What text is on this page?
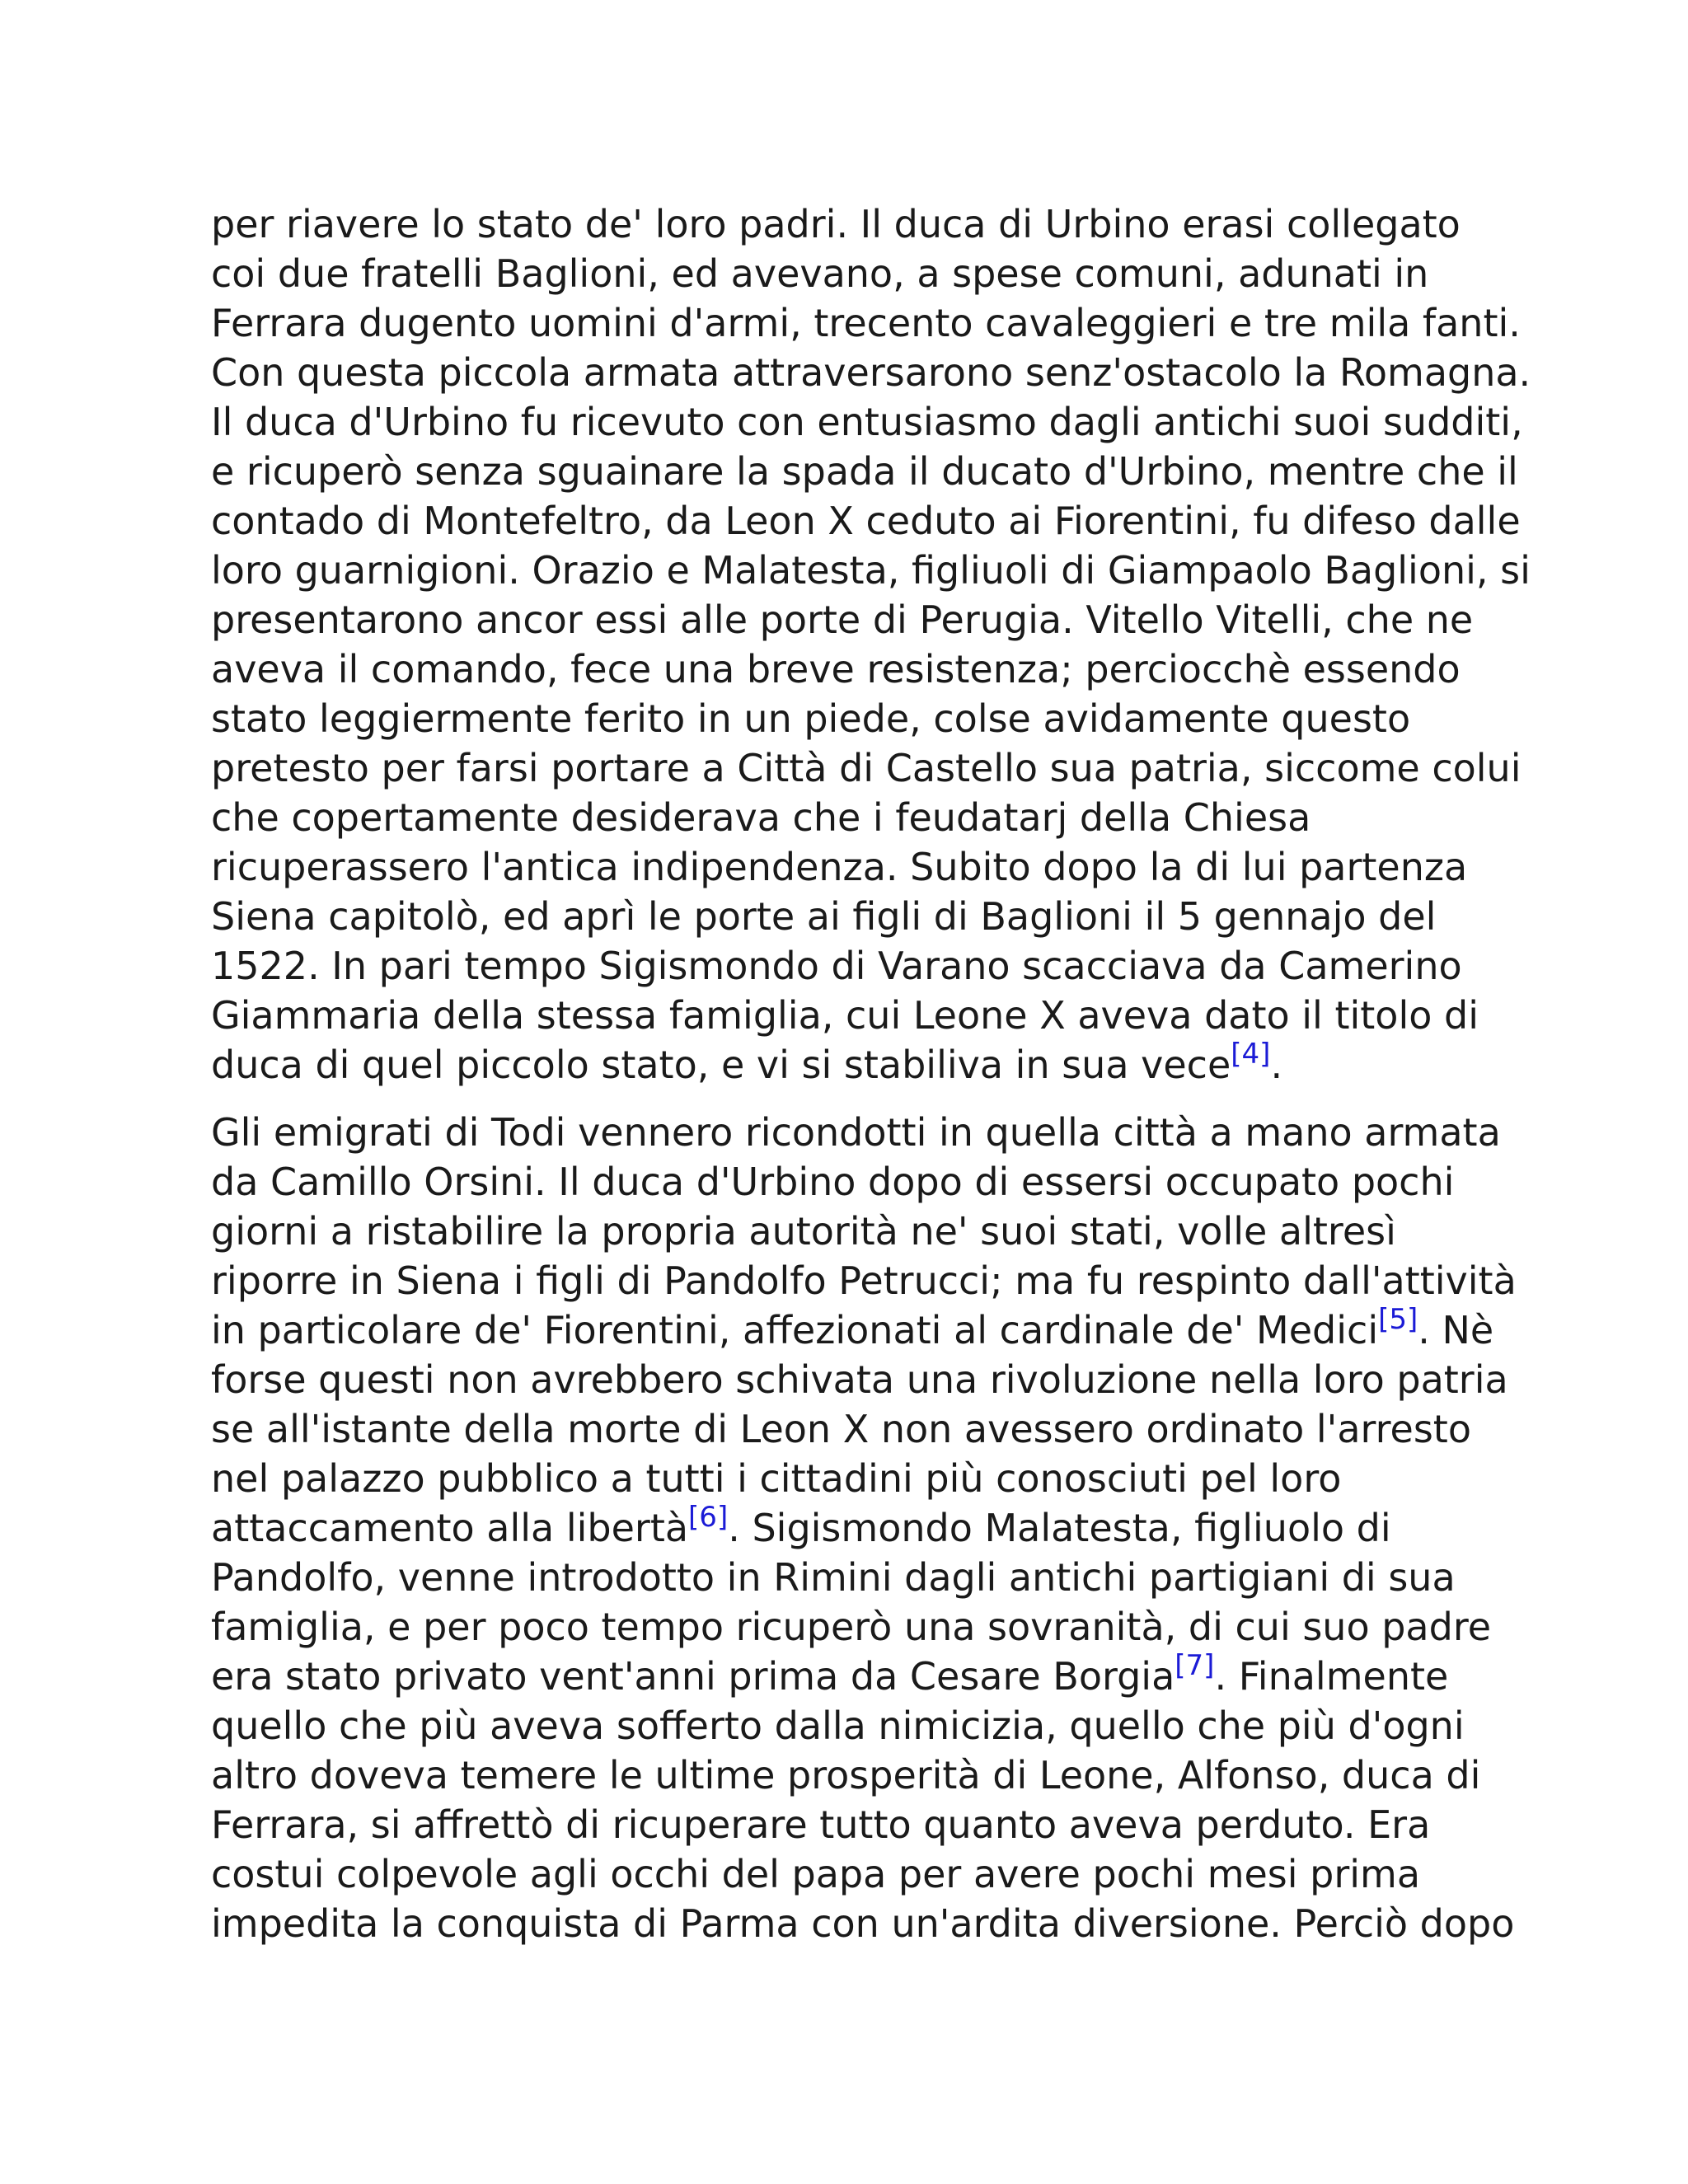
per riavere lo stato de' loro padri. Il duca di Urbino erasi collegato
coi due fratelli Baglioni, ed avevano, a spese comuni, adunati in
Ferrara dugento uomini d'armi, trecento cavaleggieri e tre mila fanti.
Con questa piccola armata attraversarono senz'ostacolo la Romagna.
Il duca d'Urbino fu ricevuto con entusiasmo dagli antichi suoi sudditi,
e ricuperò senza sguainare la spada il ducato d'Urbino, mentre che il
contado di Montefeltro, da Leon X ceduto ai Fiorentini, fu difeso dalle
loro guarnigioni. Orazio e Malatesta, figliuoli di Giampaolo Baglioni, si
presentarono ancor essi alle porte di Perugia. Vitello Vitelli, che ne
aveva il comando, fece una breve resistenza; perciocchè essendo
stato leggiermente ferito in un piede, colse avidamente questo
pretesto per farsi portare a Città di Castello sua patria, siccome colui
che copertamente desiderava che i feudatarj della Chiesa
ricuperassero l'antica indipendenza. Subito dopo la di lui partenza
Siena capitolò, ed aprì le porte ai figli di Baglioni il 5 gennajo del
1522. In pari tempo Sigismondo di Varano scacciava da Camerino
Giammaria della stessa famiglia, cui Leone X aveva dato il titolo di
duca di quel piccolo stato, e vi si stabiliva in sua vece[4].
Gli emigrati di Todi vennero ricondotti in quella città a mano armata
da Camillo Orsini. Il duca d'Urbino dopo di essersi occupato pochi
giorni a ristabilire la propria autorità ne' suoi stati, volle altresì
riporre in Siena i figli di Pandolfo Petrucci; ma fu respinto dall'attività
in particolare de' Fiorentini, affezionati al cardinale de' Medici[5]. Nè
forse questi non avrebbero schivata una rivoluzione nella loro patria
se all'istante della morte di Leon X non avessero ordinato l'arresto
nel palazzo pubblico a tutti i cittadini più conosciuti pel loro
attaccamento alla libertà[6]. Sigismondo Malatesta, figliuolo di
Pandolfo, venne introdotto in Rimini dagli antichi partigiani di sua
famiglia, e per poco tempo ricuperò una sovranità, di cui suo padre
era stato privato vent'anni prima da Cesare Borgia[7]. Finalmente
quello che più aveva sofferto dalla nimicizia, quello che più d'ogni
altro doveva temere le ultime prosperità di Leone, Alfonso, duca di
Ferrara, si affrettò di ricuperare tutto quanto aveva perduto. Era
costui colpevole agli occhi del papa per avere pochi mesi prima
impedita la conquista di Parma con un'ardita diversione. Perciò dopo
